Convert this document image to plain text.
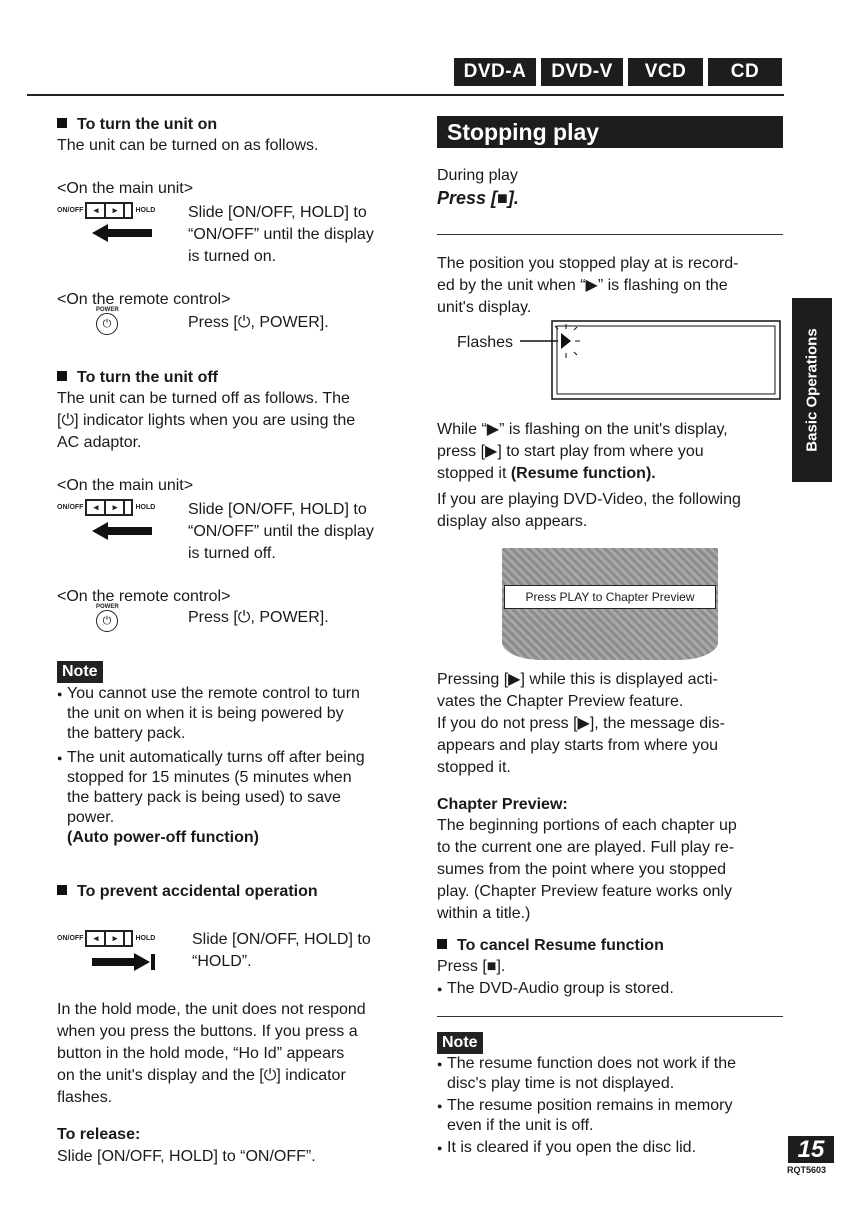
DVD-A	DVD-V	VCD	CD
To turn the unit on
The unit can be turned on as follows.
<On the main unit>
ON/OFF	◂	▸	HOLD Slide [ON/OFF, HOLD] to
“ON/OFF” until the display
is turned on.
<On the remote control>
POWER
⏻	Press [⏻, POWER].
To turn the unit off
The unit can be turned off as follows. The
[⏻] indicator lights when you are using the
AC adaptor.
<On the main unit>
ON/OFF	◂	▸	HOLD Slide [ON/OFF, HOLD] to
“ON/OFF” until the display
is turned off.
<On the remote control>
POWER
⏻	Press [⏻, POWER].
Note
● You cannot use the remote control to turn
the unit on when it is being powered by
the battery pack.
● The unit automatically turns off after being
stopped for 15 minutes (5 minutes when
the battery pack is being used) to save
power.
(Auto power-off function)
To prevent accidental operation
ON/OFF	◂	▸	HOLD Slide [ON/OFF, HOLD] to
“HOLD”.
In the hold mode, the unit does not respond
when you press the buttons. If you press a
button in the hold mode, “Ho Id” appears
on the unit's display and the [⏻] indicator
flashes.
To release:
Slide [ON/OFF, HOLD] to “ON/OFF”.
Stopping play
During play
Press [■].
The position you stopped play at is record-
ed by the unit when “▶” is flashing on the
unit's display.
Flashes
While “▶” is flashing on the unit's display,
press [▶] to start play from where you
stopped it (Resume function).
If you are playing DVD-Video, the following
display also appears.
Press PLAY to Chapter Preview
Pressing [▶] while this is displayed acti-
vates the Chapter Preview feature.
If you do not press [▶], the message dis-
appears and play starts from where you
stopped it.
Chapter Preview:
The beginning portions of each chapter up
to the current one are played. Full play re-
sumes from the point where you stopped
play. (Chapter Preview feature works only
within a title.)
To cancel Resume function
Press [■].
● The DVD-Audio group is stored.
Note
● The resume function does not work if the
disc's play time is not displayed.
● The resume position remains in memory
even if the unit is off.
● It is cleared if you open the disc lid.
Basic Operations
15
RQT5603
